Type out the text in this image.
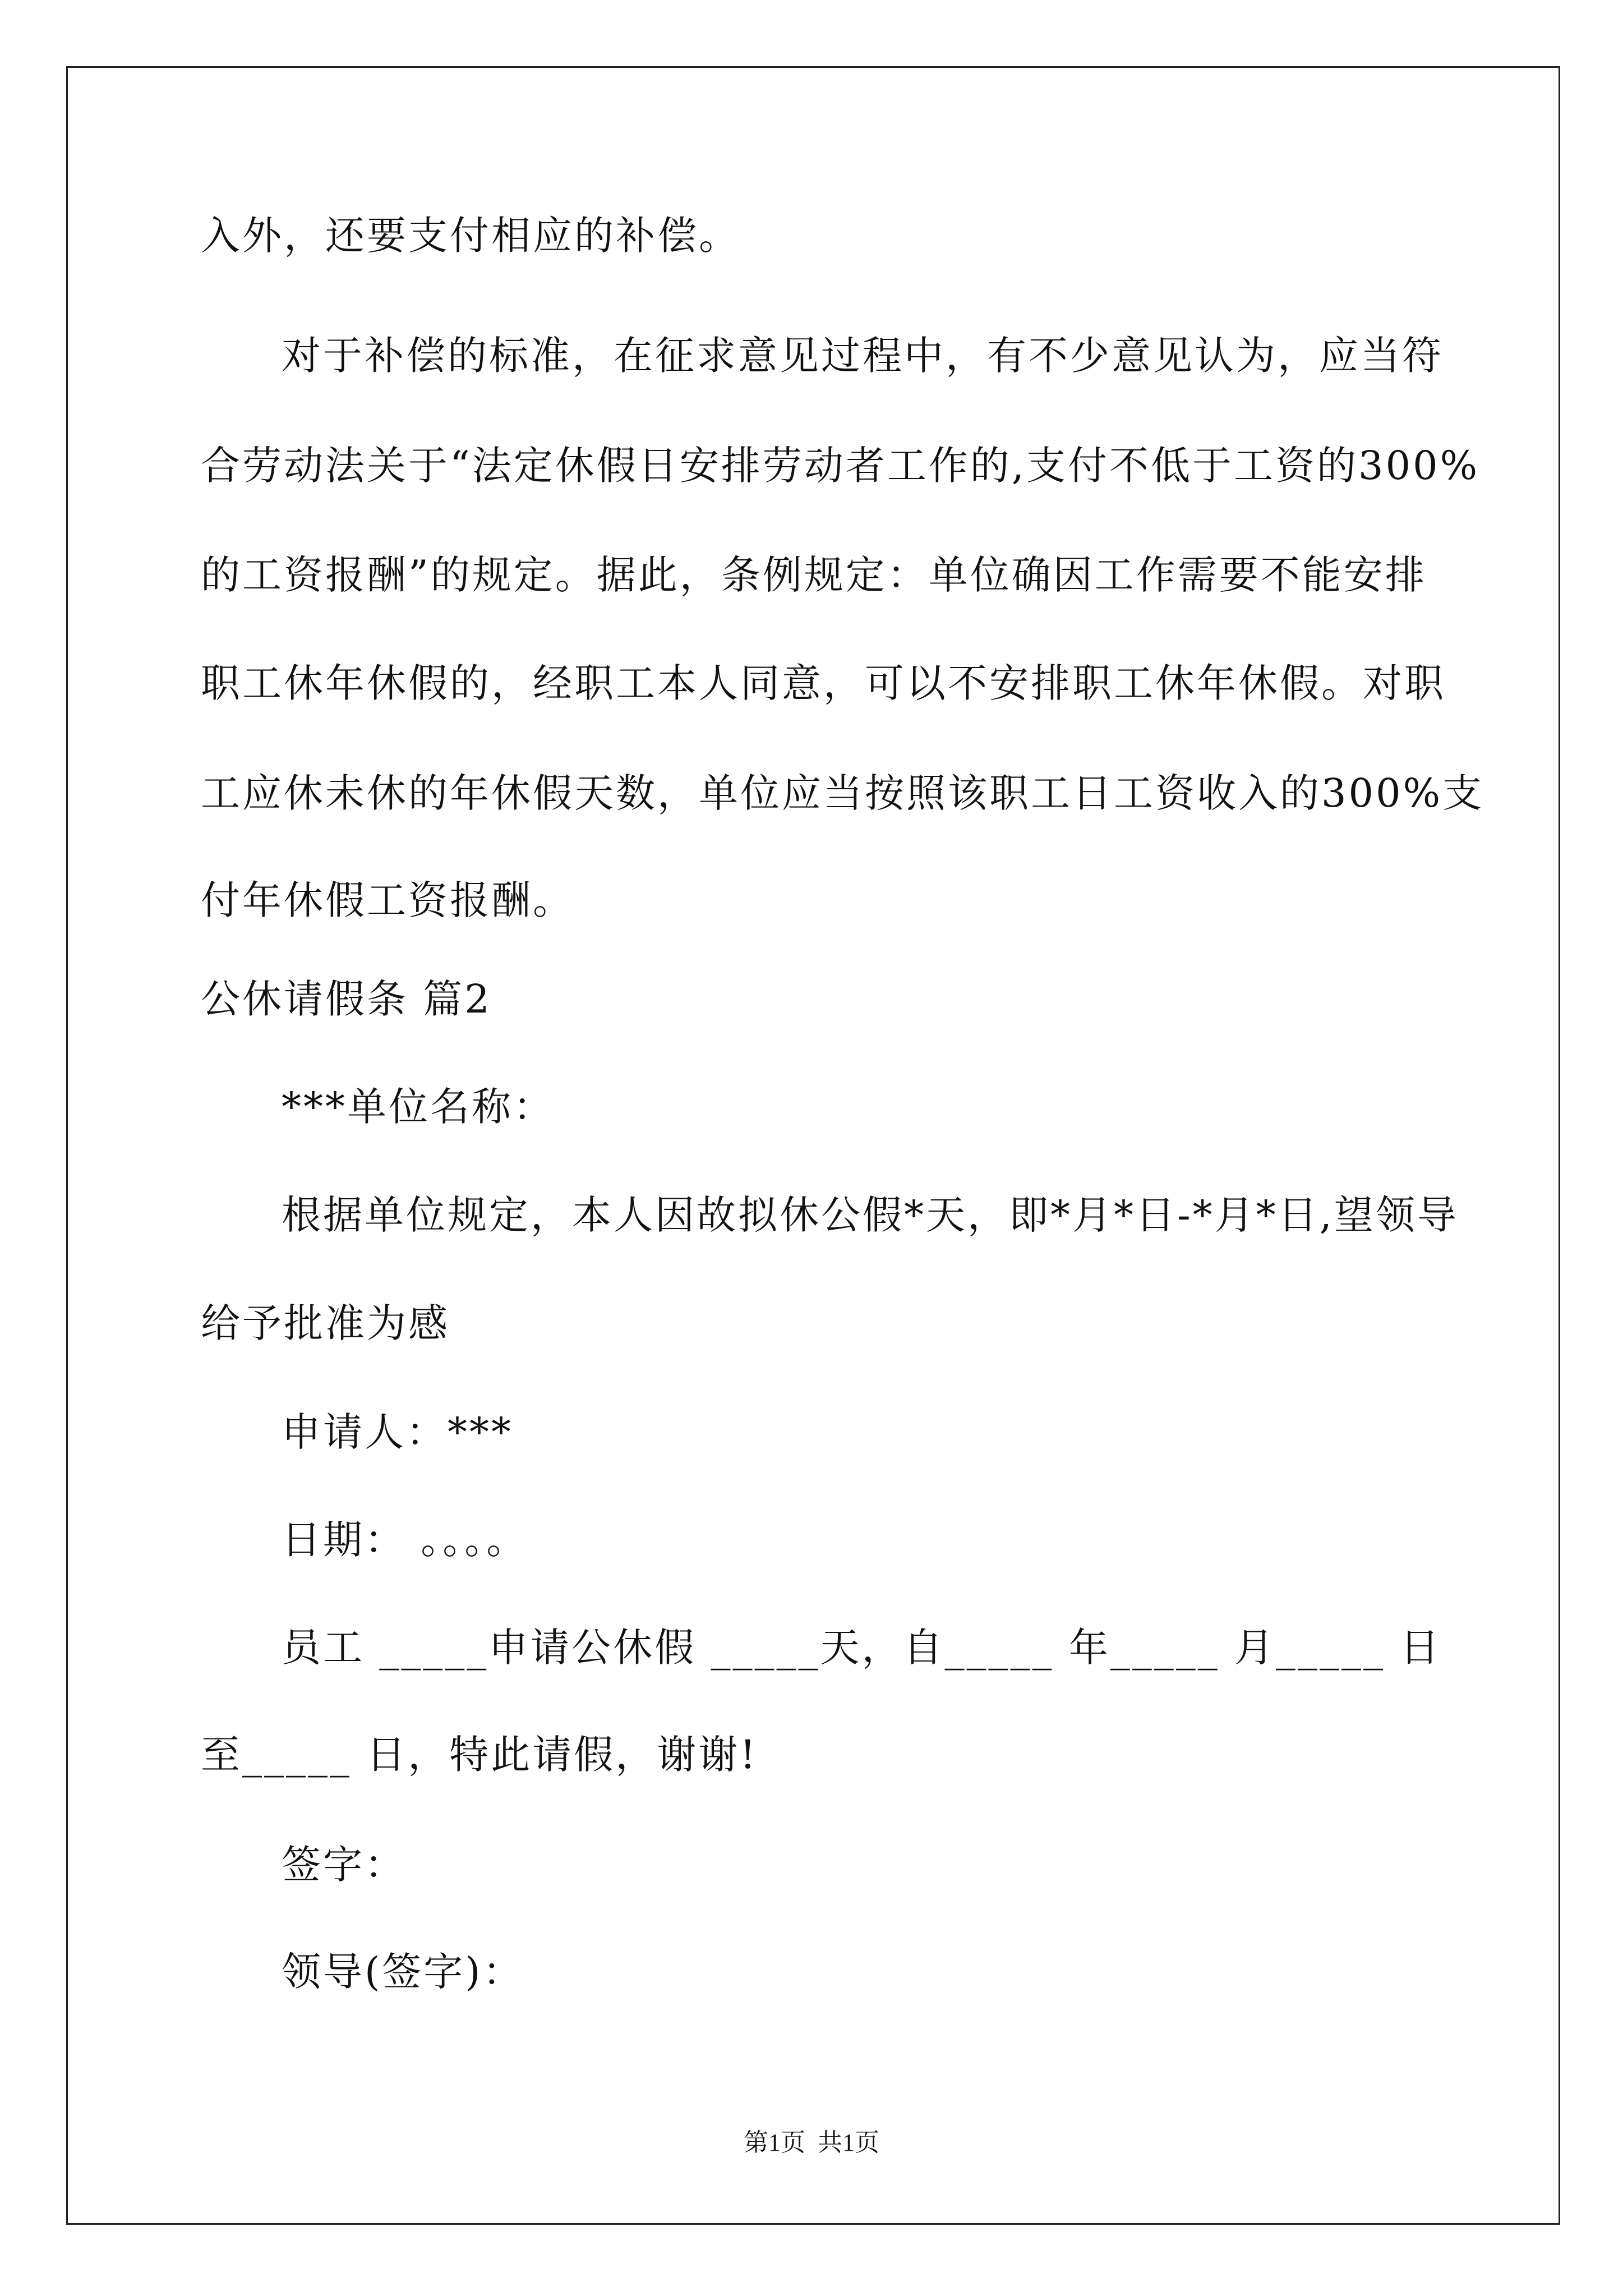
入外，还要支付相应的补偿。
对于补偿的标准，在征求意见过程中，有不少意见认为，应当符
合劳动法关于“法定休假日安排劳动者工作的,支付不低于工资的300%
的工资报酬”的规定。据此，条例规定：单位确因工作需要不能安排
职工休年休假的，经职工本人同意，可以不安排职工休年休假。对职
工应休未休的年休假天数，单位应当按照该职工日工资收入的300%支
付年休假工资报酬。
公休请假条 篇2
***单位名称：
根据单位规定，本人因故拟休公假*天，即*月*日-*月*日,望领导
给予批准为感
申请人：***
日期： 。。。。
员工 _____申请公休假 _____天，自_____ 年_____ 月_____ 日
至_____ 日，特此请假，谢谢!
签字：
领导(签字)：
第1页  共1页
